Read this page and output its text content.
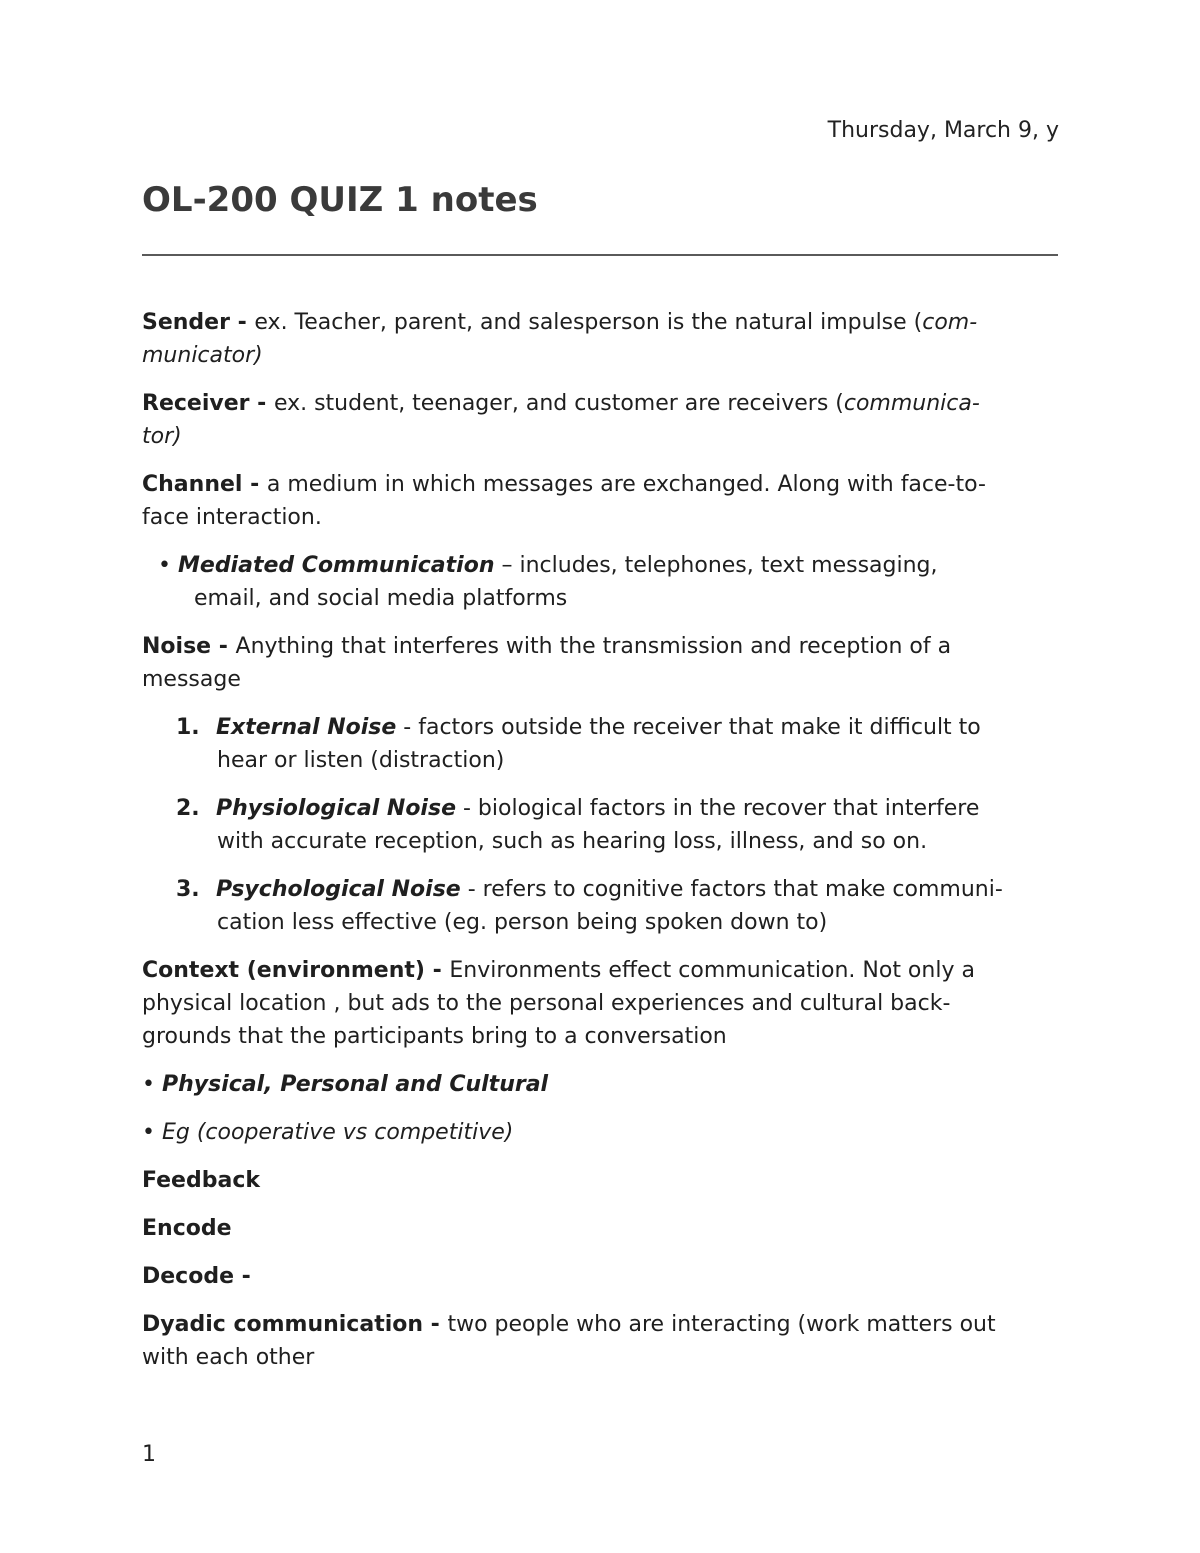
Thursday, March 9, y
OL-200 QUIZ 1 notes

Sender - ex. Teacher, parent, and salesperson is the natural impulse (com-

municator)

Receiver - ex. student, teenager, and customer are receivers (communica-

tor)

Channel - a medium in which messages are exchanged. Along with face-to-

face interaction.

• Mediated Communication – includes, telephones, text messaging,

email, and social media platforms

Noise - Anything that interferes with the transmission and reception of a

message

1. External Noise - factors outside the receiver that make it difficult to

hear or listen (distraction)

2. Physiological Noise - biological factors in the recover that interfere

with accurate reception, such as hearing loss, illness, and so on.

3. Psychological Noise - refers to cognitive factors that make communi-

cation less effective (eg. person being spoken down to)

Context (environment) - Environments effect communication. Not only a

physical location , but ads to the personal experiences and cultural back-

grounds that the participants bring to a conversation

• Physical, Personal and Cultural

• Eg (cooperative vs competitive)

Feedback

Encode

Decode -

Dyadic communication - two people who are interacting (work matters out

with each other

1
